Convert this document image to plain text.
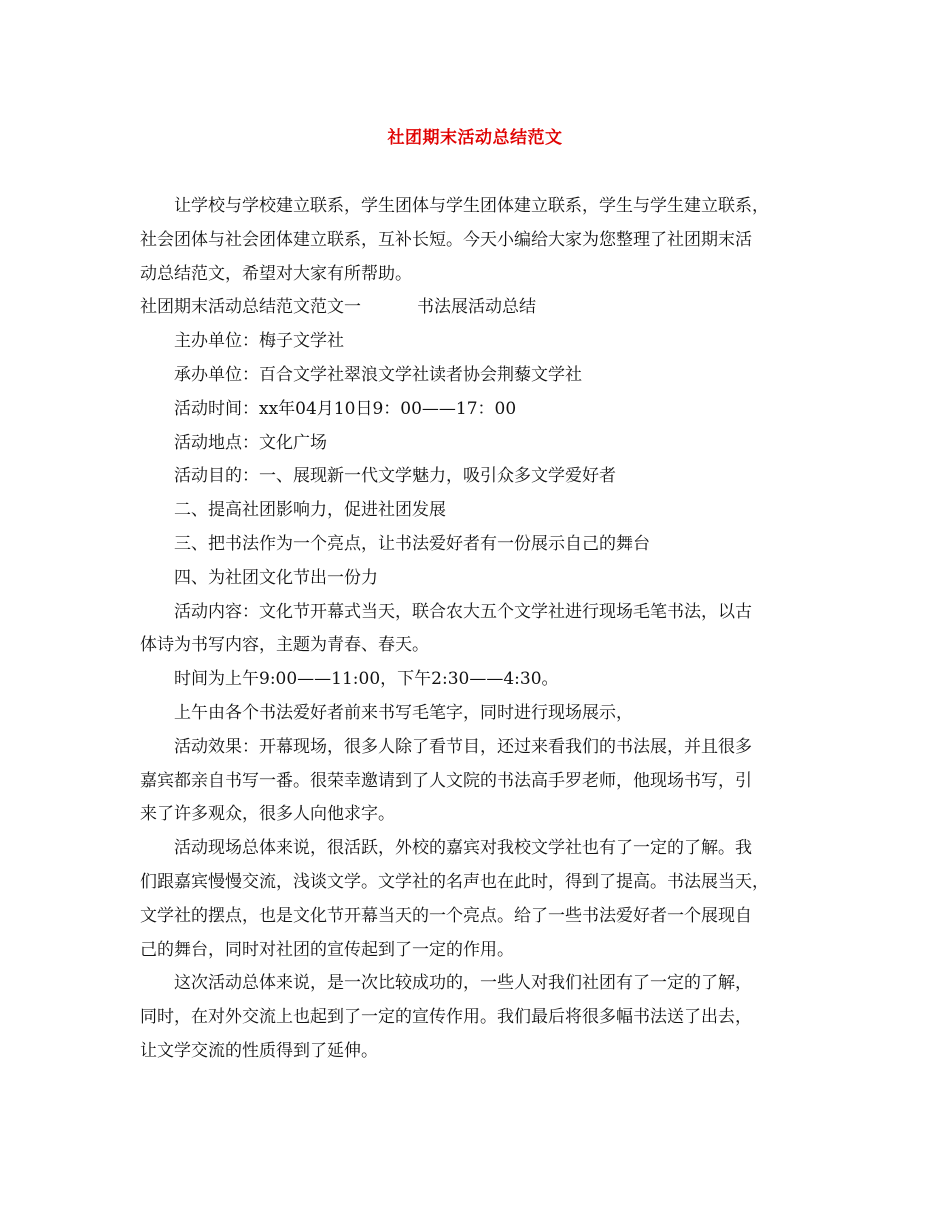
社团期末活动总结范文
让学校与学校建立联系，学生团体与学生团体建立联系，学生与学生建立联系，
社会团体与社会团体建立联系，互补长短。今天小编给大家为您整理了社团期末活
动总结范文，希望对大家有所帮助。
社团期末活动总结范文范文一	书法展活动总结
主办单位：梅子文学社
承办单位：百合文学社翠浪文学社读者协会荆藜文学社
活动时间：xx年04月10日9：00——17：00
活动地点：文化广场
活动目的：一、展现新一代文学魅力，吸引众多文学爱好者
二、提高社团影响力，促进社团发展
三、把书法作为一个亮点，让书法爱好者有一份展示自己的舞台
四、为社团文化节出一份力
活动内容：文化节开幕式当天，联合农大五个文学社进行现场毛笔书法，以古
体诗为书写内容，主题为青春、春天。
时间为上午9:00——11:00，下午2:30——4:30。
上午由各个书法爱好者前来书写毛笔字，同时进行现场展示，
活动效果：开幕现场，很多人除了看节目，还过来看我们的书法展，并且很多
嘉宾都亲自书写一番。很荣幸邀请到了人文院的书法高手罗老师，他现场书写，引
来了许多观众，很多人向他求字。
活动现场总体来说，很活跃，外校的嘉宾对我校文学社也有了一定的了解。我
们跟嘉宾慢慢交流，浅谈文学。文学社的名声也在此时，得到了提高。书法展当天，
文学社的摆点，也是文化节开幕当天的一个亮点。给了一些书法爱好者一个展现自
己的舞台，同时对社团的宣传起到了一定的作用。
这次活动总体来说，是一次比较成功的，一些人对我们社团有了一定的了解，
同时，在对外交流上也起到了一定的宣传作用。我们最后将很多幅书法送了出去，
让文学交流的性质得到了延伸。
